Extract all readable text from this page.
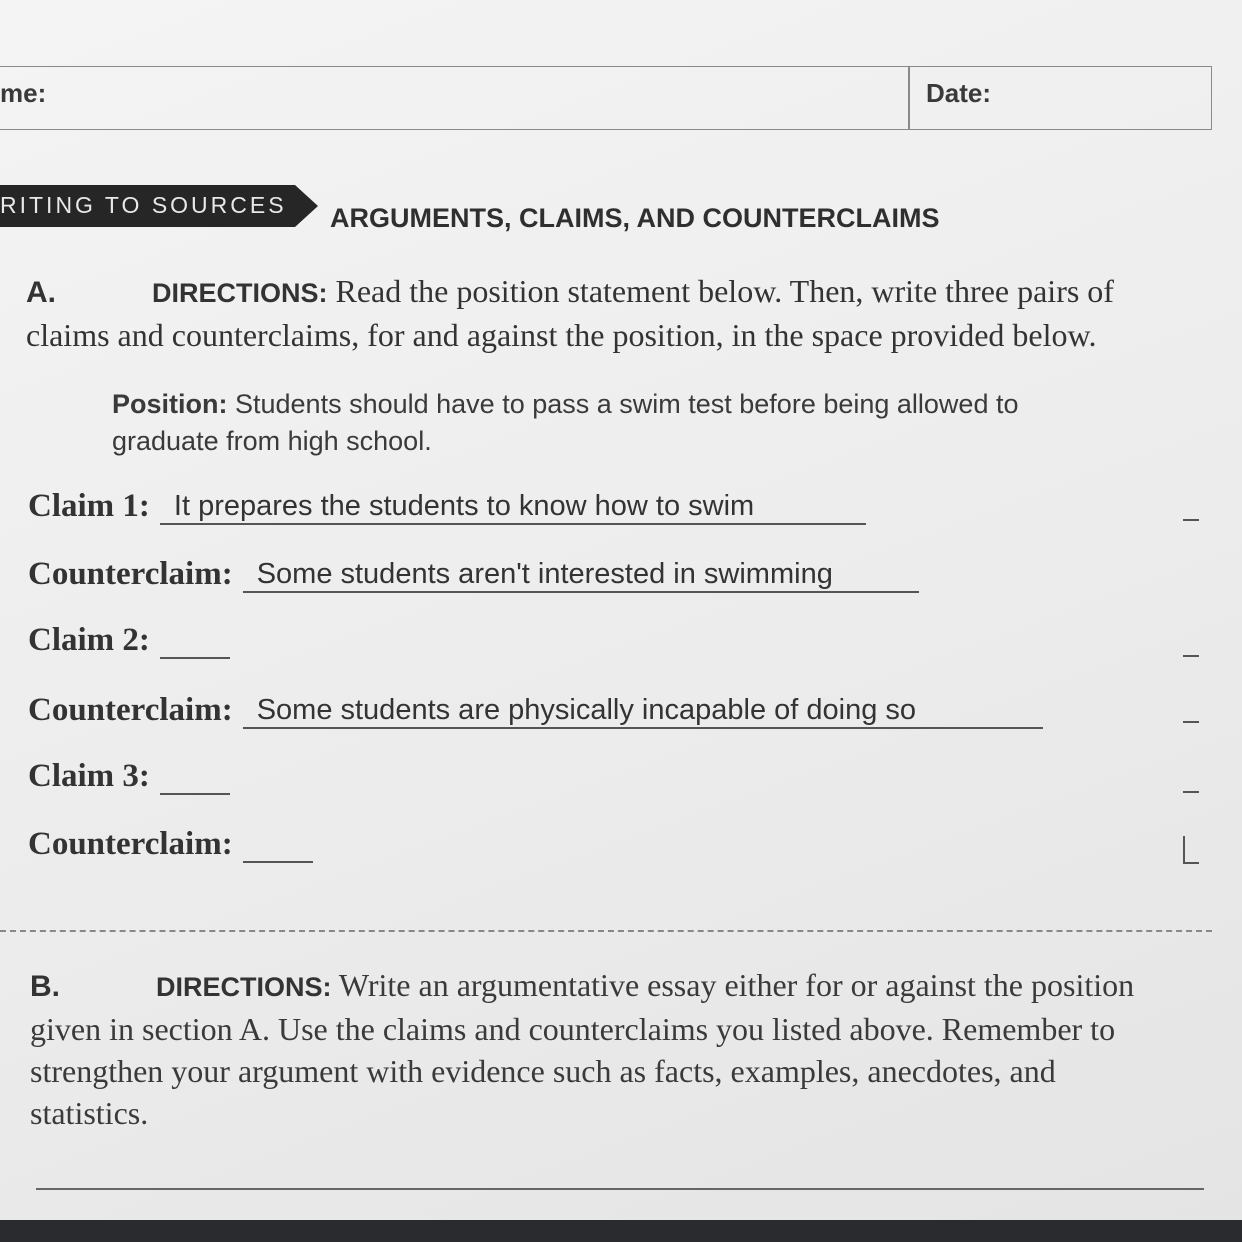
me:	Date:
RITING TO SOURCES ARGUMENTS, CLAIMS, AND COUNTERCLAIMS
A.	DIRECTIONS: Read the position statement below. Then, write three pairs of
claims and counterclaims, for and against the position, in the space provided below.
Position: Students should have to pass a swim test before being allowed to
graduate from high school.
Claim 1: It prepares the students to know how to swim
Counterclaim: Some students aren't interested in swimming
Claim 2:
Counterclaim: Some students are physically incapable of doing so
Claim 3:
Counterclaim:
B.	DIRECTIONS: Write an argumentative essay either for or against the position
given in section A. Use the claims and counterclaims you listed above. Remember to
strengthen your argument with evidence such as facts, examples, anecdotes, and
statistics.
